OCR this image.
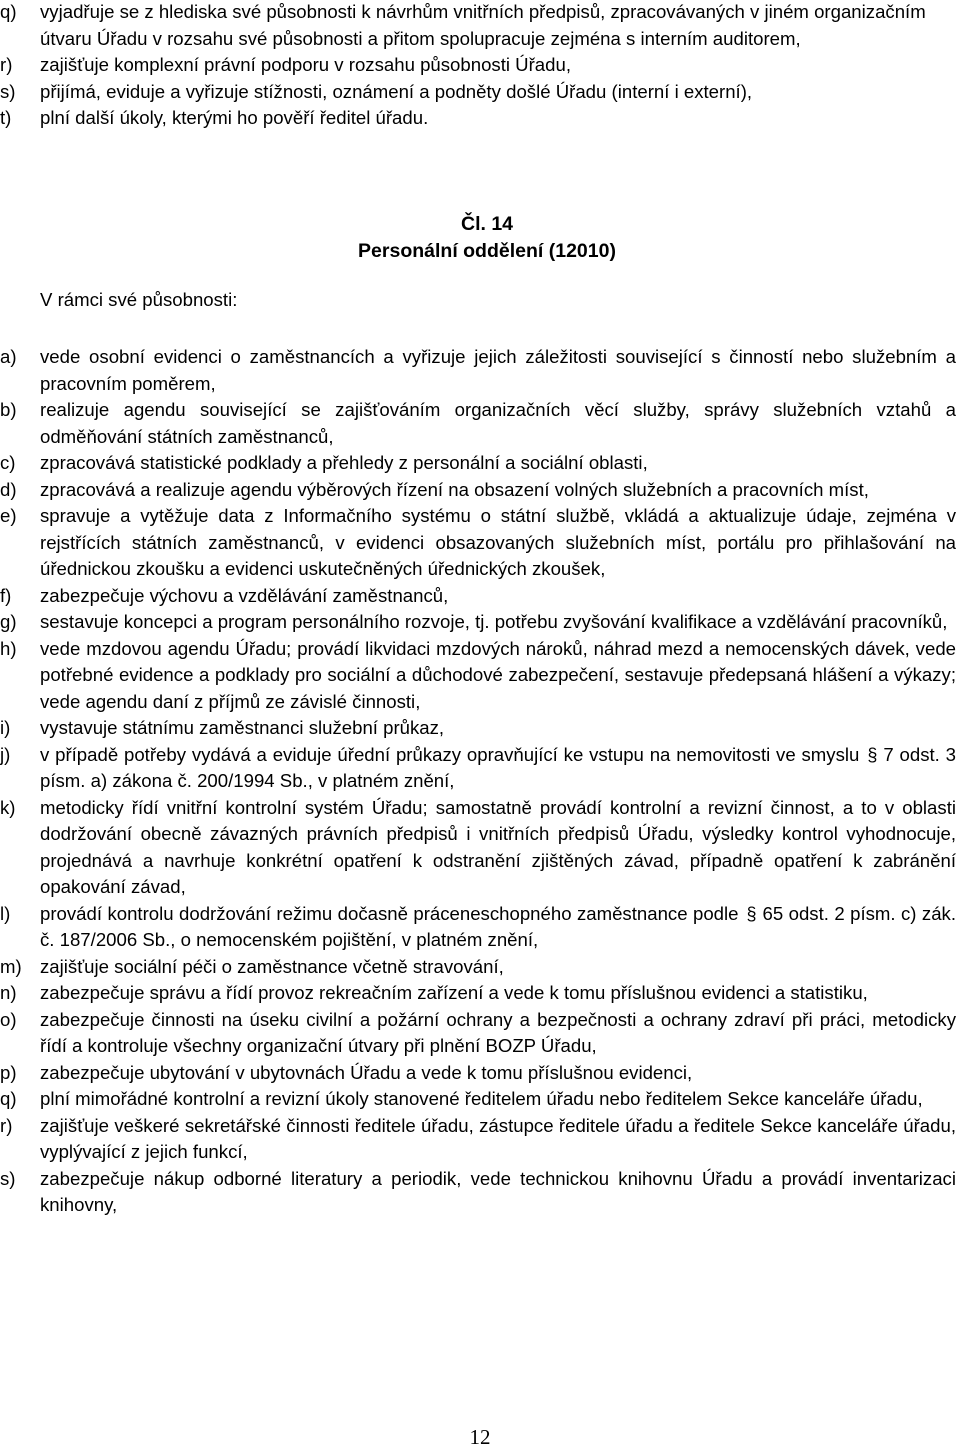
q)	vyjadřuje se z hlediska své působnosti k návrhům vnitřních předpisů, zpracovávaných v jiném organizačním útvaru Úřadu v rozsahu své působnosti a přitom spolupracuje zejména s interním auditorem,
r)	zajišťuje komplexní právní podporu v rozsahu působnosti Úřadu,
s)	přijímá, eviduje a vyřizuje stížnosti, oznámení a podněty došlé Úřadu (interní i externí),
t)	plní další úkoly, kterými ho pověří ředitel úřadu.
Čl. 14
Personální oddělení (12010)
V rámci své působnosti:
a)	vede osobní evidenci o zaměstnancích a vyřizuje jejich záležitosti související s činností nebo služebním a pracovním poměrem,
b)	realizuje agendu související se zajišťováním organizačních věcí služby, správy služebních vztahů a odměňování státních zaměstnanců,
c)	zpracovává statistické podklady a přehledy z personální a sociální oblasti,
d)	zpracovává a realizuje agendu výběrových řízení na obsazení volných služebních a pracovních míst,
e)	spravuje a vytěžuje data z Informačního systému o státní službě, vkládá a aktualizuje údaje, zejména v rejstřících státních zaměstnanců, v evidenci obsazovaných služebních míst, portálu pro přihlašování na úřednickou zkoušku a evidenci uskutečněných úřednických zkoušek,
f)	zabezpečuje výchovu a vzdělávání zaměstnanců,
g)	sestavuje koncepci a program personálního rozvoje, tj. potřebu zvyšování kvalifikace a vzdělávání pracovníků,
h)	vede mzdovou agendu Úřadu; provádí likvidaci mzdových nároků, náhrad mezd a nemocenských dávek, vede potřebné evidence a podklady pro sociální a důchodové zabezpečení, sestavuje předepsaná hlášení a výkazy; vede agendu daní z příjmů ze závislé činnosti,
i)	vystavuje státnímu zaměstnanci služební průkaz,
j)	v případě potřeby vydává a eviduje úřední průkazy opravňující ke vstupu na nemovitosti ve smyslu § 7 odst. 3 písm. a) zákona č. 200/1994 Sb., v platném znění,
k)	metodicky řídí vnitřní kontrolní systém Úřadu; samostatně provádí kontrolní a revizní činnost, a to v oblasti dodržování obecně závazných právních předpisů i vnitřních předpisů Úřadu, výsledky kontrol vyhodnocuje, projednává a navrhuje konkrétní opatření k odstranění zjištěných závad, případně opatření k zabránění opakování závad,
l)	provádí kontrolu dodržování režimu dočasně práceneschopného zaměstnance podle § 65 odst. 2 písm. c) zák. č. 187/2006 Sb., o nemocenském pojištění, v platném znění,
m) zajišťuje sociální péči o zaměstnance včetně stravování,
n)	zabezpečuje správu a řídí provoz rekreačním zařízení a vede k tomu příslušnou evidenci a statistiku,
o)	zabezpečuje činnosti na úseku civilní a požární ochrany a bezpečnosti a ochrany zdraví při práci, metodicky řídí a kontroluje všechny organizační útvary při plnění BOZP Úřadu,
p)	zabezpečuje ubytování v ubytovnách Úřadu a vede k tomu příslušnou evidenci,
q)	plní mimořádné kontrolní a revizní úkoly stanovené ředitelem úřadu nebo ředitelem Sekce kanceláře úřadu,
r)	zajišťuje veškeré sekretářské činnosti ředitele úřadu, zástupce ředitele úřadu a ředitele Sekce kanceláře úřadu, vyplývající z jejich funkcí,
s)	zabezpečuje nákup odborné literatury a periodik, vede technickou knihovnu Úřadu a provádí inventarizaci knihovny,
12
